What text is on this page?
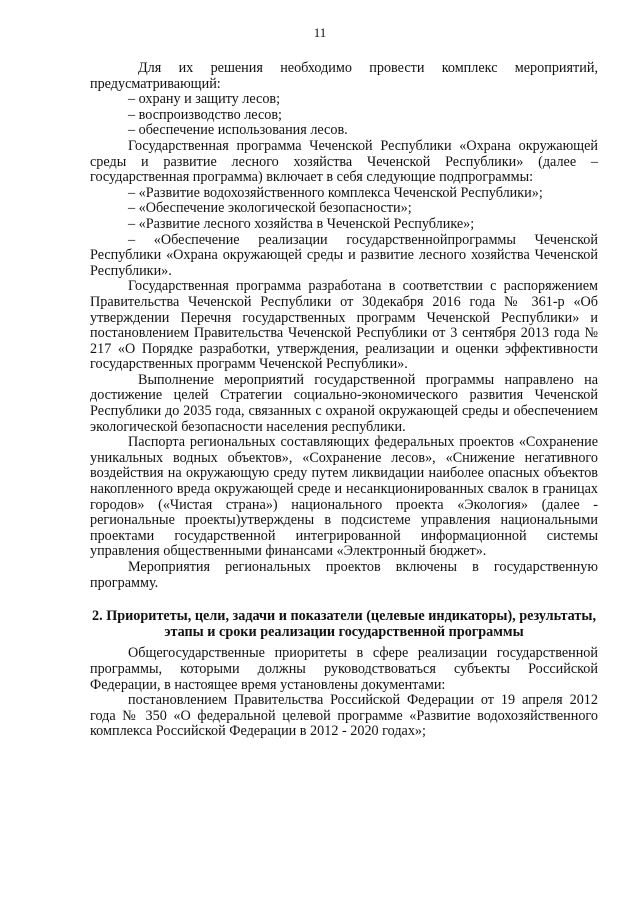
11

Для их решения необходимо провести комплекс мероприятий, предусматривающий:

– охрану и защиту лесов;

– воспроизводство лесов;

– обеспечение использования лесов.

Государственная программа Чеченской Республики «Охрана окружающей среды и развитие лесного хозяйства Чеченской Республики» (далее – государственная программа) включает в себя следующие подпрограммы:

– «Развитие водохозяйственного комплекса Чеченской Республики»;

– «Обеспечение экологической безопасности»;

– «Развитие лесного хозяйства в Чеченской Республике»;

– «Обеспечение реализации государственнойпрограммы Чеченской Республики «Охрана окружающей среды и развитие лесного хозяйства Чеченской Республики».

Государственная программа разработана в соответствии с распоряжением Правительства Чеченской Республики от 30декабря 2016 года № 361-р «Об утверждении Перечня государственных программ Чеченской Республики» и постановлением Правительства Чеченской Республики от 3 сентября 2013 года № 217 «О Порядке разработки, утверждения, реализации и оценки эффективности государственных программ Чеченской Республики».

Выполнение мероприятий государственной программы направлено на достижение целей Стратегии социально-экономического развития Чеченской Республики до 2035 года, связанных с охраной окружающей среды и обеспечением экологической безопасности населения республики.

Паспорта региональных составляющих федеральных проектов «Сохранение уникальных водных объектов», «Сохранение лесов», «Снижение негативного воздействия на окружающую среду путем ликвидации наиболее опасных объектов накопленного вреда окружающей среде и несанкционированных свалок в границах городов» («Чистая страна») национального проекта «Экология» (далее - региональные проекты)утверждены в подсистеме управления национальными проектами государственной интегрированной информационной системы управления общественными финансами «Электронный бюджет».

Мероприятия региональных проектов включены в государственную программу.

2. Приоритеты, цели, задачи и показатели (целевые индикаторы), результаты, этапы и сроки реализации государственной программы

Общегосударственные приоритеты в сфере реализации государственной программы, которыми должны руководствоваться субъекты Российской Федерации, в настоящее время установлены документами:

постановлением Правительства Российской Федерации от 19 апреля 2012 года № 350 «О федеральной целевой программе «Развитие водохозяйственного комплекса Российской Федерации в 2012 - 2020 годах»;
